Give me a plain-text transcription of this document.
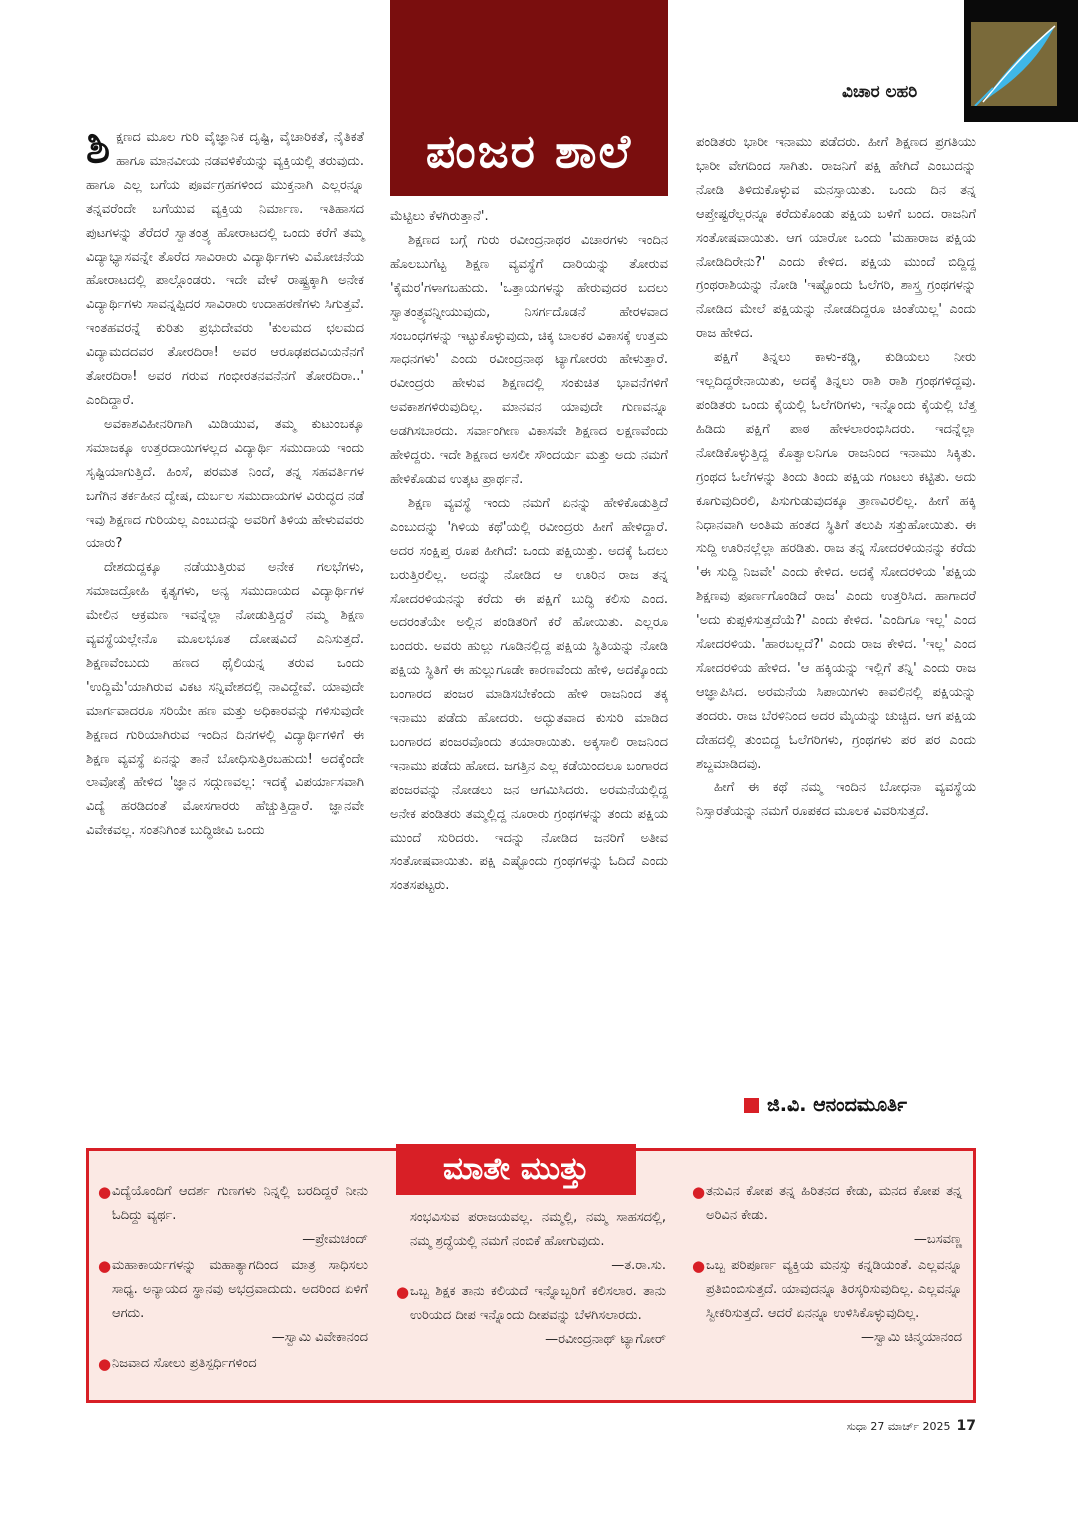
ವಿಚಾರ ಲಹರಿ
ಪಂಜರ ಶಾಲೆ

ಶಿಕ್ಷಣದ ಮೂಲ ಗುರಿ ವೈಜ್ಞಾನಿಕ ದೃಷ್ಟಿ, ವೈಚಾರಿಕತೆ, ನೈತಿಕತೆ ಹಾಗೂ ಮಾನವೀಯ ನಡವಳಿಕೆಯನ್ನು ವ್ಯಕ್ತಿಯಲ್ಲಿ ತರುವುದು. ಹಾಗೂ ಎಲ್ಲ ಬಗೆಯ ಪೂರ್ವಗ್ರಹಗಳಿಂದ ಮುಕ್ತನಾಗಿ ಎಲ್ಲರನ್ನೂ ತನ್ನವರೆಂದೇ ಬಗೆಯುವ ವ್ಯಕ್ತಿಯ ನಿರ್ಮಾಣ. ಇತಿಹಾಸದ ಪುಟಗಳನ್ನು ತೆರೆದರೆ ಸ್ವಾತಂತ್ರ್ಯ ಹೋರಾಟದಲ್ಲಿ ಒಂದು ಕರೆಗೆ ತಮ್ಮ ವಿದ್ಯಾಭ್ಯಾಸವನ್ನೇ ತೊರೆದ ಸಾವಿರಾರು ವಿದ್ಯಾರ್ಥಿಗಳು ವಿಮೋಚನೆಯ ಹೋರಾಟದಲ್ಲಿ ಪಾಲ್ಗೊಂಡರು. ಇದೇ ವೇಳೆ ರಾಷ್ಟ್ರಕ್ಕಾಗಿ ಅನೇಕ ವಿದ್ಯಾರ್ಥಿಗಳು ಸಾವನ್ನಪ್ಪಿದರ ಸಾವಿರಾರು ಉದಾಹರಣೆಗಳು ಸಿಗುತ್ತವೆ. ಇಂತಹವರನ್ನೆ ಕುರಿತು ಪ್ರಭುದೇವರು 'ಕುಲಮದ ಛಲಮದ ವಿದ್ಯಾಮದದವರ ತೋರದಿರಾ! ಅವರ ಆರೂಢಪದವಿಯನೆನಗೆ ತೋರದಿರಾ! ಅವರ ಗರುವ ಗಂಭೀರತನವನೆನಗೆ ತೋರದಿರಾ..' ಎಂದಿದ್ದಾರೆ.

ಅವಕಾಶವಿಹೀನರಿಗಾಗಿ ಮಿಡಿಯುವ, ತಮ್ಮ ಕುಟುಂಬಕ್ಕೂ ಸಮಾಜಕ್ಕೂ ಉತ್ತರದಾಯಿಗಳಲ್ಲದ ವಿದ್ಯಾರ್ಥಿ ಸಮುದಾಯ ಇಂದು ಸೃಷ್ಟಿಯಾಗುತ್ತಿದೆ. ಹಿಂಸೆ, ಪರಮತ ನಿಂದೆ, ತನ್ನ ಸಹವರ್ತಿಗಳ ಬಗೆಗಿನ ತರ್ಕಹೀನ ದ್ವೇಷ, ದುರ್ಬಲ ಸಮುದಾಯಗಳ ವಿರುದ್ಧದ ನಡೆ ಇವು ಶಿಕ್ಷಣದ ಗುರಿಯಲ್ಲ ಎಂಬುದನ್ನು ಅವರಿಗೆ ತಿಳಿಯ ಹೇಳುವವರು ಯಾರು?

ದೇಶದುದ್ದಕ್ಕೂ ನಡೆಯುತ್ತಿರುವ ಅನೇಕ ಗಲಭೆಗಳು, ಸಮಾಜದ್ರೋಹಿ ಕೃತ್ಯಗಳು, ಅನ್ಯ ಸಮುದಾಯದ ವಿದ್ಯಾರ್ಥಿಗಳ ಮೇಲಿನ ಆಕ್ರಮಣ ಇವನ್ನೆಲ್ಲಾ ನೋಡುತ್ತಿದ್ದರೆ ನಮ್ಮ ಶಿಕ್ಷಣ ವ್ಯವಸ್ಥೆಯಲ್ಲೇನೊ ಮೂಲಭೂತ ದೋಷವಿದೆ ಎನಿಸುತ್ತದೆ. ಶಿಕ್ಷಣವೆಂಬುದು ಹಣದ ಥೈಲಿಯನ್ನ ತರುವ ಒಂದು 'ಉದ್ದಿಮೆ'ಯಾಗಿರುವ ವಿಕಟ ಸನ್ನಿವೇಶದಲ್ಲಿ ನಾವಿದ್ದೇವೆ. ಯಾವುದೇ ಮಾರ್ಗವಾದರೂ ಸರಿಯೇ ಹಣ ಮತ್ತು ಅಧಿಕಾರವನ್ನು ಗಳಿಸುವುದೇ ಶಿಕ್ಷಣದ ಗುರಿಯಾಗಿರುವ ಇಂದಿನ ದಿನಗಳಲ್ಲಿ ವಿದ್ಯಾರ್ಥಿಗಳಿಗೆ ಈ ಶಿಕ್ಷಣ ವ್ಯವಸ್ಥೆ ಏನನ್ನು ತಾನೆ ಬೋಧಿಸುತ್ತಿರಬಹುದು! ಅದಕ್ಕೆಂದೇ ಲಾವೋತ್ಸೆ ಹೇಳಿದ 'ಜ್ಞಾನ ಸದ್ಗುಣವಲ್ಲ: ಇದಕ್ಕೆ ವಿಪರ್ಯಾಸವಾಗಿ ವಿದ್ಯೆ ಹರಡಿದಂತೆ ಮೋಸಗಾರರು ಹೆಚ್ಚುತ್ತಿದ್ದಾರೆ. ಜ್ಞಾನವೇ ವಿವೇಕವಲ್ಲ. ಸಂತನಿಗಿಂತ ಬುದ್ಧಿಜೀವಿ ಒಂದು

ಮೆಟ್ಟಿಲು ಕೆಳಗಿರುತ್ತಾನೆ'.

ಶಿಕ್ಷಣದ ಬಗ್ಗೆ ಗುರು ರವೀಂದ್ರನಾಥರ ವಿಚಾರಗಳು ಇಂದಿನ ಹೊಲಬುಗೆಟ್ಟ ಶಿಕ್ಷಣ ವ್ಯವಸ್ಥೆಗೆ ದಾರಿಯನ್ನು ತೋರುವ 'ಕೈಮರ'ಗಳಾಗಬಹುದು. 'ಒತ್ತಾಯಗಳನ್ನು ಹೇರುವುದರ ಬದಲು ಸ್ವಾತಂತ್ರ್ಯವನ್ನೀಯುವುದು, ನಿಸರ್ಗದೊಡನೆ ಹೇರಳವಾದ ಸಂಬಂಧಗಳನ್ನು ಇಟ್ಟುಕೊಳ್ಳುವುದು, ಚಿಕ್ಕ ಬಾಲಕರ ವಿಕಾಸಕ್ಕೆ ಉತ್ತಮ ಸಾಧನಗಳು' ಎಂದು ರವೀಂದ್ರನಾಥ ಟ್ಯಾಗೋರರು ಹೇಳುತ್ತಾರೆ. ರವೀಂದ್ರರು ಹೇಳುವ ಶಿಕ್ಷಣದಲ್ಲಿ ಸಂಕುಚಿತ ಭಾವನೆಗಳಿಗೆ ಅವಕಾಶಗಳಿರುವುದಿಲ್ಲ. ಮಾನವನ ಯಾವುದೇ ಗುಣವನ್ನೂ ಅಡಗಿಸಬಾರದು. ಸರ್ವಾಂಗೀಣ ವಿಕಾಸವೇ ಶಿಕ್ಷಣದ ಲಕ್ಷಣವೆಂದು ಹೇಳಿದ್ದರು. ಇದೇ ಶಿಕ್ಷಣದ ಅಸಲೀ ಸೌಂದರ್ಯ ಮತ್ತು ಅದು ನಮಗೆ ಹೇಳಿಕೊಡುವ ಉತ್ಕಟ ಪ್ರಾರ್ಥನೆ.

ಶಿಕ್ಷಣ ವ್ಯವಸ್ಥೆ ಇಂದು ನಮಗೆ ಏನನ್ನು ಹೇಳಿಕೊಡುತ್ತಿದೆ ಎಂಬುದನ್ನು 'ಗಿಳಿಯ ಕಥೆ'ಯಲ್ಲಿ ರವೀಂದ್ರರು ಹೀಗೆ ಹೇಳಿದ್ದಾರೆ. ಅದರ ಸಂಕ್ಷಿಪ್ತ ರೂಪ ಹೀಗಿದೆ: ಒಂದು ಪಕ್ಷಿಯಿತ್ತು. ಅದಕ್ಕೆ ಓದಲು ಬರುತ್ತಿರಲಿಲ್ಲ. ಅದನ್ನು ನೋಡಿದ ಆ ಊರಿನ ರಾಜ ತನ್ನ ಸೋದರಳಿಯನನ್ನು ಕರೆದು ಈ ಪಕ್ಷಿಗೆ ಬುದ್ಧಿ ಕಲಿಸು ಎಂದ. ಅದರಂತೆಯೇ ಅಲ್ಲಿನ ಪಂಡಿತರಿಗೆ ಕರೆ ಹೋಯಿತು. ಎಲ್ಲರೂ ಬಂದರು. ಅವರು ಹುಲ್ಲು ಗೂಡಿನಲ್ಲಿದ್ದ ಪಕ್ಷಿಯ ಸ್ಥಿತಿಯನ್ನು ನೋಡಿ ಪಕ್ಷಿಯ ಸ್ಥಿತಿಗೆ ಈ ಹುಲ್ಲುಗೂಡೇ ಕಾರಣವೆಂದು ಹೇಳಿ, ಅದಕ್ಕೊಂದು ಬಂಗಾರದ ಪಂಜರ ಮಾಡಿಸಬೇಕೆಂದು ಹೇಳಿ ರಾಜನಿಂದ ತಕ್ಕ ಇನಾಮು ಪಡೆದು ಹೋದರು. ಅದ್ಭುತವಾದ ಕುಸುರಿ ಮಾಡಿದ ಬಂಗಾರದ ಪಂಜರವೊಂದು ತಯಾರಾಯಿತು. ಅಕ್ಕಸಾಲಿ ರಾಜನಿಂದ ಇನಾಮು ಪಡೆದು ಹೋದ. ಜಗತ್ತಿನ ಎಲ್ಲ ಕಡೆಯಿಂದಲೂ ಬಂಗಾರದ ಪಂಜರವನ್ನು ನೋಡಲು ಜನ ಆಗಮಿಸಿದರು. ಅರಮನೆಯಲ್ಲಿದ್ದ ಅನೇಕ ಪಂಡಿತರು ತಮ್ಮಲ್ಲಿದ್ದ ನೂರಾರು ಗ್ರಂಥಗಳನ್ನು ತಂದು ಪಕ್ಷಿಯ ಮುಂದೆ ಸುರಿದರು. ಇದನ್ನು ನೋಡಿದ ಜನರಿಗೆ ಅತೀವ ಸಂತೋಷವಾಯಿತು. ಪಕ್ಷಿ ಎಷ್ಟೊಂದು ಗ್ರಂಥಗಳನ್ನು ಓದಿದೆ ಎಂದು ಸಂತಸಪಟ್ಟರು.

ಪಂಡಿತರು ಭಾರೀ ಇನಾಮು ಪಡೆದರು. ಹೀಗೆ ಶಿಕ್ಷಣದ ಪ್ರಗತಿಯು ಭಾರೀ ವೇಗದಿಂದ ಸಾಗಿತು. ರಾಜನಿಗೆ ಪಕ್ಷಿ ಹೇಗಿದೆ ಎಂಬುದನ್ನು ನೋಡಿ ತಿಳಿದುಕೊಳ್ಳುವ ಮನಸ್ಸಾಯಿತು. ಒಂದು ದಿನ ತನ್ನ ಆಪ್ತೇಷ್ಟರೆಲ್ಲರನ್ನೂ ಕರೆದುಕೊಂಡು ಪಕ್ಷಿಯ ಬಳಿಗೆ ಬಂದ. ರಾಜನಿಗೆ ಸಂತೋಷವಾಯಿತು. ಆಗ ಯಾರೋ ಒಂದು 'ಮಹಾರಾಜ ಪಕ್ಷಿಯ ನೋಡಿದಿರೇನು?' ಎಂದು ಕೇಳಿದ. ಪಕ್ಷಿಯ ಮುಂದೆ ಬಿದ್ದಿದ್ದ ಗ್ರಂಥರಾಶಿಯನ್ನು ನೋಡಿ 'ಇಷ್ಟೊಂದು ಓಲೆಗರಿ, ಶಾಸ್ತ್ರ ಗ್ರಂಥಗಳನ್ನು ನೋಡಿದ ಮೇಲೆ ಪಕ್ಷಿಯನ್ನು ನೋಡದಿದ್ದರೂ ಚಿಂತೆಯಿಲ್ಲ' ಎಂದು ರಾಜ ಹೇಳಿದ.

ಪಕ್ಷಿಗೆ ತಿನ್ನಲು ಕಾಳು-ಕಡ್ಡಿ, ಕುಡಿಯಲು ನೀರು ಇಲ್ಲದಿದ್ದರೇನಾಯಿತು, ಅದಕ್ಕೆ ತಿನ್ನಲು ರಾಶಿ ರಾಶಿ ಗ್ರಂಥಗಳಿದ್ದವು. ಪಂಡಿತರು ಒಂದು ಕೈಯಲ್ಲಿ ಓಲೆಗರಿಗಳು, ಇನ್ನೊಂದು ಕೈಯಲ್ಲಿ ಬೆತ್ತ ಹಿಡಿದು ಪಕ್ಷಿಗೆ ಪಾಠ ಹೇಳಲಾರಂಭಿಸಿದರು. ಇದನ್ನೆಲ್ಲಾ ನೋಡಿಕೊಳ್ಳುತ್ತಿದ್ದ ಕೊತ್ವಾಲನಿಗೂ ರಾಜನಿಂದ ಇನಾಮು ಸಿಕ್ಕಿತು. ಗ್ರಂಥದ ಓಲೆಗಳನ್ನು ತಿಂದು ತಿಂದು ಪಕ್ಷಿಯ ಗಂಟಲು ಕಟ್ಟಿತು. ಅದು ಕೂಗುವುದಿರಲಿ, ಪಿಸುಗುಡುವುದಕ್ಕೂ ತ್ರಾಣವಿರಲಿಲ್ಲ. ಹೀಗೆ ಹಕ್ಕಿ ನಿಧಾನವಾಗಿ ಅಂತಿಮ ಹಂತದ ಸ್ಥಿತಿಗೆ ತಲುಪಿ ಸತ್ತುಹೋಯಿತು. ಈ ಸುದ್ದಿ ಊರಿನಲ್ಲೆಲ್ಲಾ ಹರಡಿತು. ರಾಜ ತನ್ನ ಸೋದರಳಿಯನನ್ನು ಕರೆದು 'ಈ ಸುದ್ದಿ ನಿಜವೇ' ಎಂದು ಕೇಳಿದ. ಅದಕ್ಕೆ ಸೋದರಳಿಯ 'ಪಕ್ಷಿಯ ಶಿಕ್ಷಣವು ಪೂರ್ಣಗೊಂಡಿದೆ ರಾಜ' ಎಂದು ಉತ್ತರಿಸಿದ. ಹಾಗಾದರೆ 'ಅದು ಕುಪ್ಪಳಿಸುತ್ತದೆಯೆ?' ಎಂದು ಕೇಳಿದ. 'ಎಂದಿಗೂ ಇಲ್ಲ' ಎಂದ ಸೋದರಳಿಯ. 'ಹಾರಬಲ್ಲದೆ?' ಎಂದು ರಾಜ ಕೇಳಿದ. 'ಇಲ್ಲ' ಎಂದ ಸೋದರಳಿಯ ಹೇಳಿದ. 'ಆ ಹಕ್ಕಿಯನ್ನು ಇಲ್ಲಿಗೆ ತನ್ನಿ' ಎಂದು ರಾಜ ಆಜ್ಞಾಪಿಸಿದ. ಅರಮನೆಯ ಸಿಪಾಯಿಗಳು ಕಾವಲಿನಲ್ಲಿ ಪಕ್ಷಿಯನ್ನು ತಂದರು. ರಾಜ ಬೆರಳಿನಿಂದ ಅದರ ಮೈಯನ್ನು ಚುಚ್ಚಿದ. ಆಗ ಪಕ್ಷಿಯ ದೇಹದಲ್ಲಿ ತುಂಬಿದ್ದ ಓಲೆಗರಿಗಳು, ಗ್ರಂಥಗಳು ಪರ ಪರ ಎಂದು ಶಬ್ದಮಾಡಿದವು.

ಹೀಗೆ ಈ ಕಥೆ ನಮ್ಮ ಇಂದಿನ ಬೋಧನಾ ವ್ಯವಸ್ಥೆಯ ನಿಸ್ಸಾರತೆಯನ್ನು ನಮಗೆ ರೂಪಕದ ಮೂಲಕ ವಿವರಿಸುತ್ತದೆ.

ಜಿ.ವಿ. ಆನಂದಮೂರ್ತಿ
ಮಾತೇ ಮುತ್ತು
● ವಿದ್ಯೆಯೊಂದಿಗೆ ಆದರ್ಶ ಗುಣಗಳು ನಿನ್ನಲ್ಲಿ ಬರದಿದ್ದರೆ ನೀನು ಓದಿದ್ದು ವ್ಯರ್ಥ.
—ಪ್ರೇಮಚಂದ್
● ಮಹಾಕಾರ್ಯಗಳನ್ನು ಮಹಾತ್ಯಾಗದಿಂದ ಮಾತ್ರ ಸಾಧಿಸಲು ಸಾಧ್ಯ. ಅನ್ಯಾಯದ ಸ್ಥಾನವು ಅಭದ್ರವಾದುದು. ಅದರಿಂದ ಏಳಿಗೆ ಆಗದು.
—ಸ್ವಾಮಿ ವಿವೇಕಾನಂದ
● ನಿಜವಾದ ಸೋಲು ಪ್ರತಿಸ್ಪರ್ಧಿಗಳಿಂದ
ಸಂಭವಿಸುವ ಪರಾಜಯವಲ್ಲ. ನಮ್ಮಲ್ಲಿ, ನಮ್ಮ ಸಾಹಸದಲ್ಲಿ, ನಮ್ಮ ಶ್ರದ್ಧೆಯಲ್ಲಿ ನಮಗೆ ನಂಬಿಕೆ ಹೋಗುವುದು.
—ತ.ರಾ.ಸು.
● ಒಬ್ಬ ಶಿಕ್ಷಕ ತಾನು ಕಲಿಯದೆ ಇನ್ನೊಬ್ಬರಿಗೆ ಕಲಿಸಲಾರ. ತಾನು ಉರಿಯದ ದೀಪ ಇನ್ನೊಂದು ದೀಪವನ್ನು ಬೆಳಗಿಸಲಾರದು.
—ರವೀಂದ್ರನಾಥ್ ಟ್ಯಾಗೋರ್
● ತನುವಿನ ಕೋಪ ತನ್ನ ಹಿರಿತನದ ಕೇಡು, ಮನದ ಕೋಪ ತನ್ನ ಅರಿವಿನ ಕೇಡು.
—ಬಸವಣ್ಣ
● ಒಬ್ಬ ಪರಿಪೂರ್ಣ ವ್ಯಕ್ತಿಯ ಮನಸ್ಸು ಕನ್ನಡಿಯಂತೆ. ಎಲ್ಲವನ್ನೂ ಪ್ರತಿಬಿಂಬಿಸುತ್ತದೆ. ಯಾವುದನ್ನೂ ತಿರಸ್ಕರಿಸುವುದಿಲ್ಲ. ಎಲ್ಲವನ್ನೂ ಸ್ವೀಕರಿಸುತ್ತದೆ. ಆದರೆ ಏನನ್ನೂ ಉಳಿಸಿಕೊಳ್ಳುವುದಿಲ್ಲ.
—ಸ್ವಾಮಿ ಚಿನ್ಮಯಾನಂದ
ಸುಧಾ 27 ಮಾರ್ಚ್ 2025 17
